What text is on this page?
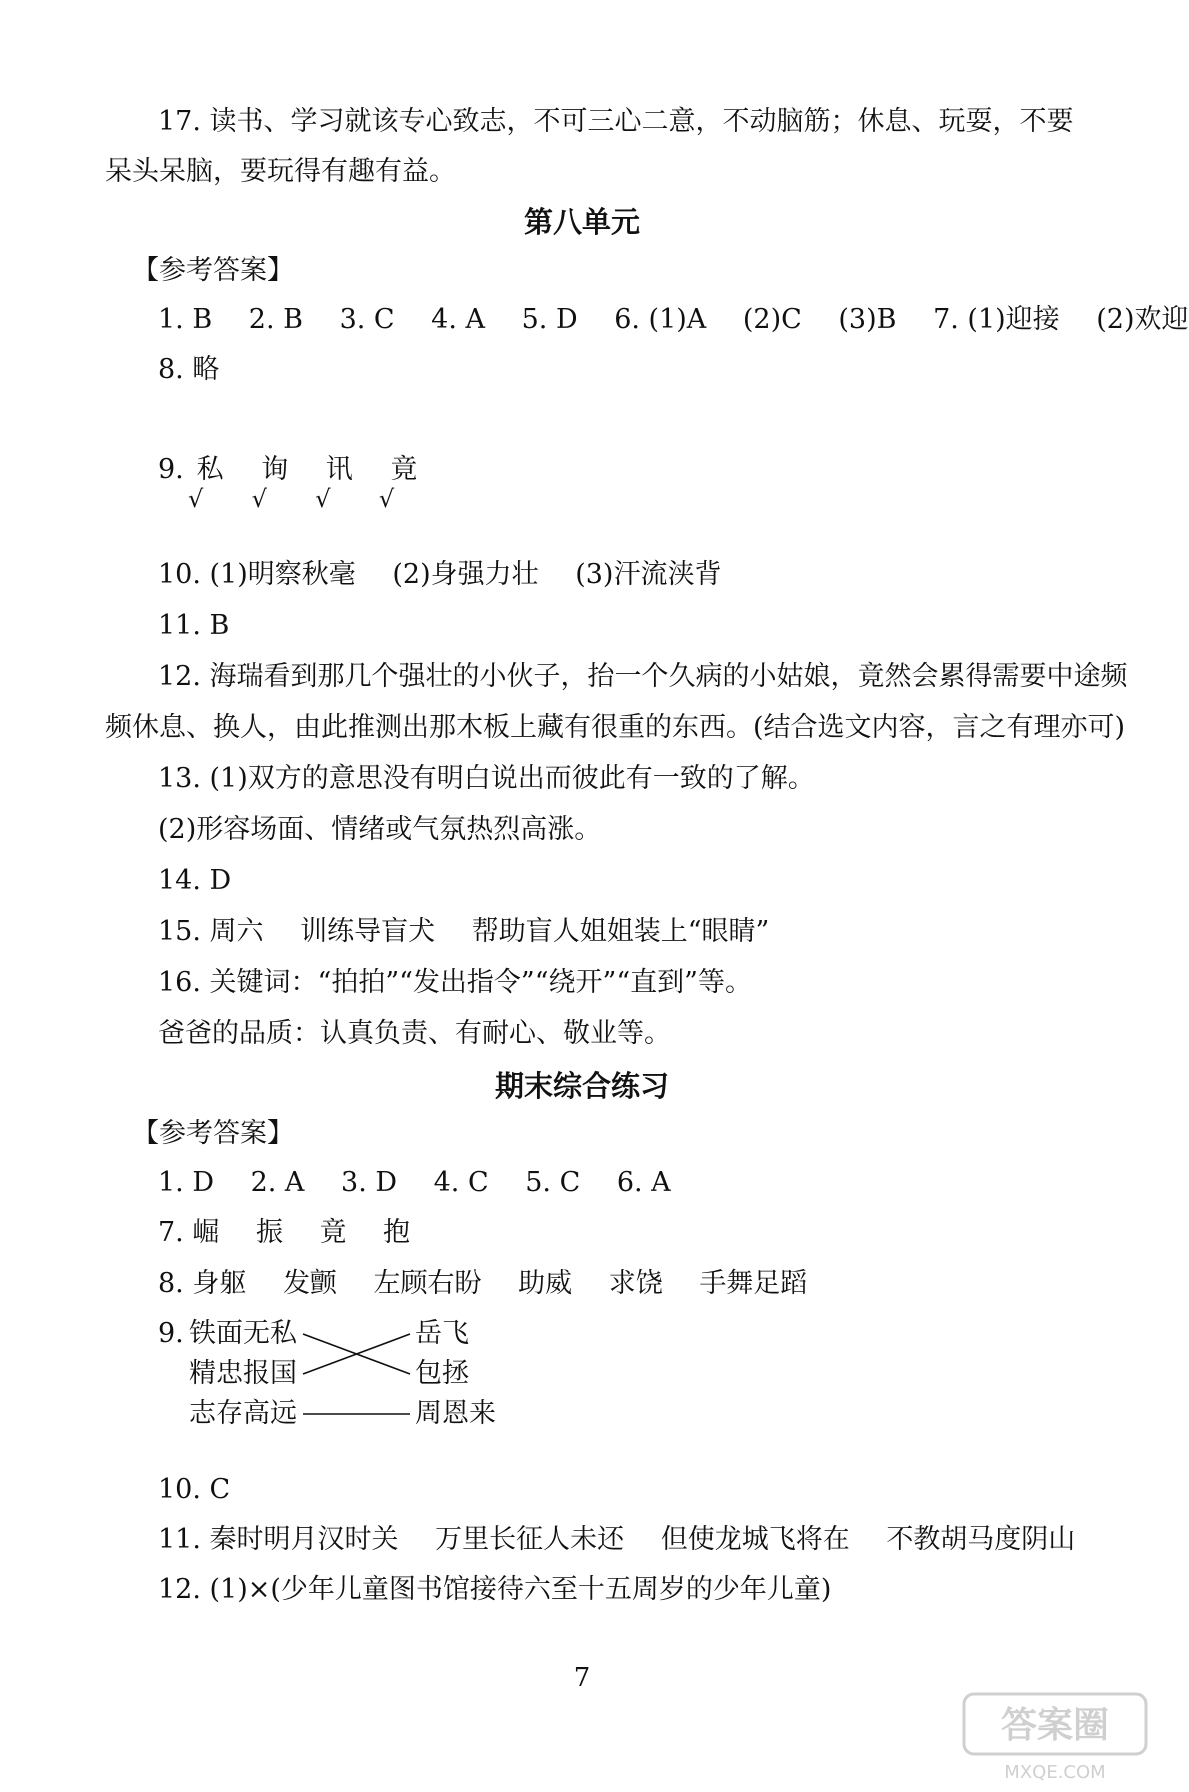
17. 读书、学习就该专心致志，不可三心二意，不动脑筋；休息、玩耍，不要
呆头呆脑，要玩得有趣有益。
第八单元
【参考答案】
1. B 2. B 3. C 4. A 5. D 6. (1)A (2)C (3)B 7. (1)迎接 (2)欢迎
8. 略
9. 私 询 讯 竟
√ √ √ √
10. (1)明察秋毫 (2)身强力壮 (3)汗流浃背
11. B
12. 海瑞看到那几个强壮的小伙子，抬一个久病的小姑娘，竟然会累得需要中途频
频休息、换人，由此推测出那木板上藏有很重的东西。(结合选文内容，言之有理亦可)
13. (1)双方的意思没有明白说出而彼此有一致的了解。
(2)形容场面、情绪或气氛热烈高涨。
14. D
15. 周六 训练导盲犬 帮助盲人姐姐装上“眼睛”
16. 关键词：“拍拍”“发出指令”“绕开”“直到”等。
爸爸的品质：认真负责、有耐心、敬业等。
期末综合练习
【参考答案】
1. D 2. A 3. D 4. C 5. C 6. A
7. 崛 振 竟 抱
8. 身躯 发颤 左顾右盼 助威 求饶 手舞足蹈
9. 铁面无私
精忠报国
志存高远
岳飞
包拯
周恩来
10. C
11. 秦时明月汉时关 万里长征人未还 但使龙城飞将在 不教胡马度阴山
12. (1)×(少年儿童图书馆接待六至十五周岁的少年儿童)
7
答案圈
MXQE.COM
